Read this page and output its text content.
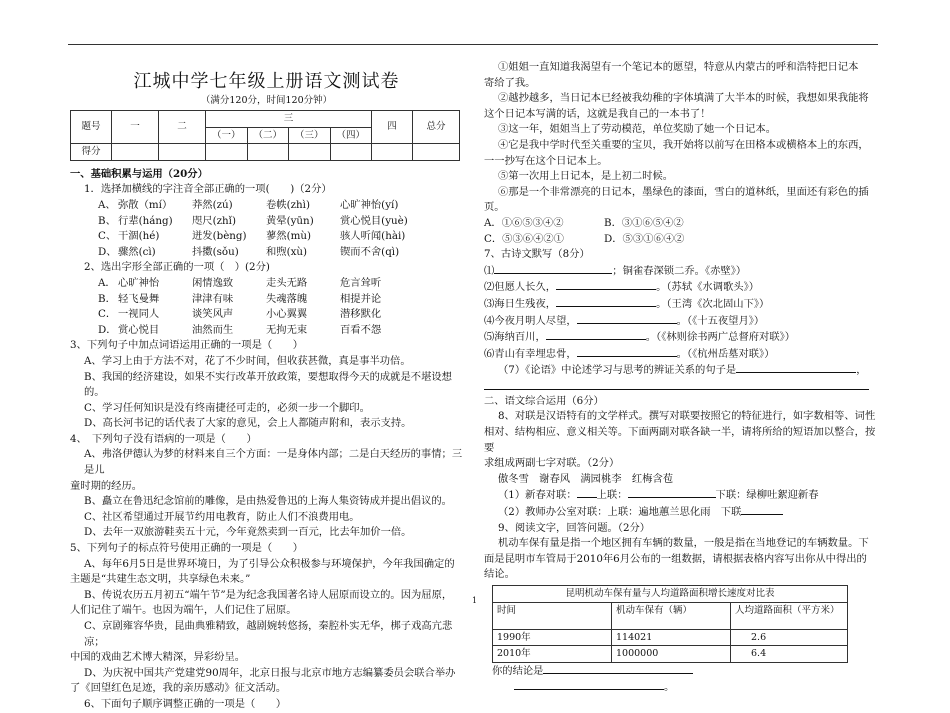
江城中学七年级上册语文测试卷
（满分120分，时间120分钟）
题号	一	二	三				四	总分
			（一）	（二）	（三）	（四）		
得分								
一、基础积累与运用（20分）
1．选择加横线的字注音全部正确的一项(　　)（2分）
A、 弥散（mí）	莽然(zú)	卷帙(zhì)	心旷神怡(yí)
B、 行辈(háng)	咫尺(zhǐ)	黄晕(yūn)	赏心悦目(yuè)
C、 干涸(hé)	迸发(bèng)	蓼然(mù)	骇人听闻(hài)
D、 骤然(cì)	抖擞(sǒu)	和煦(xù)	锲而不舍(qì)
2、选出字形全部正确的一项（　）(2分)
A． 心旷神怡	闲情逸致	走头无路	危言耸听
B． 轻飞曼舞	津津有味	失魂落魄	相提并论
C． 一视同人	谈笑风声	小心翼翼	潜移默化
D． 赏心悦目	油然而生	无拘无束	百看不怨
3、下列句子中加点词语运用正确的一项是（　　）
A、学习上由于方法不对，花了不少时间，但收获甚微，真是事半功倍。
B、我国的经济建设，如果不实行改革开放政策，要想取得今天的成就是不堪设想的。
C、学习任何知识是没有终南捷径可走的，必须一步一个脚印。
D、高长河书记的话代表了大家的意见，会上人都随声附和，表示支持。
4、　下列句子没有语病的一项是（　　）
A、弗洛伊德认为梦的材料来自三个方面：一是身体内部；二是白天经历的事情；三是儿
童时期的经历。
B、矗立在鲁迅纪念馆前的雕像，是由热爱鲁迅的上海人集资铸成并提出倡议的。
C、社区希望通过开展节约用电教育，防止人们不浪费用电。
D、去年一双旅游鞋卖五十元，今年竟然卖到一百元，比去年加价一倍。
5、下列句子的标点符号使用正确的一项是（　　）
A、每年6月5日是世界环境日，为了引导公众积极参与环境保护，今年我国确定的
主题是“共建生态文明，共享绿色未来。”
B、传说农历五月初五“端午节”是为纪念我国著名诗人屈原而设立的。因为屈原，
人们记住了端午。也因为端午，人们记住了屈原。
C、京剧雍容华贵，昆曲典雅精致，越剧婉转悠扬，秦腔朴实无华，梆子戏高亢悲凉；
中国的戏曲艺术博大精深，异彩纷呈。
D、为庆祝中国共产党建党90周年，北京日报与北京市地方志编纂委员会联合举办
了《回望红色足迹，我的亲历感动》征文活动。
6、下面句子顺序调整正确的一项是（　　）
①姐姐一直知道我渴望有一个笔记本的愿望，特意从内蒙古的呼和浩特把日记本
寄给了我。
②越抄越多，当日记本已经被我幼稚的字体填满了大半本的时候，我想如果我能将
这个日记本写满的话，这就是我自己的一本书了！
③这一年，姐姐当上了劳动模范，单位奖励了她一个日记本。
④它是我中学时代至关重要的宝贝，我开始将以前写在田格本或横格本上的东西，
一一抄写在这个日记本上。
⑤第一次用上日记本，是上初二时候。
⑥那是一个非常漂亮的日记本，墨绿色的漆面，雪白的道林纸，里面还有彩色的插
页。
A．①⑥⑤③④②	B．③①⑥⑤④②
C．⑤③⑥④②①	D．⑤③①⑥④②
7、古诗文默写（8分）
⑴	；铜雀春深锁二乔。《赤壁》）
⑵但愿人长久，	。（苏轼《水调歌头》）
⑶海日生残夜，	。（王湾《次北固山下》）
⑷今夜月明人尽望，	。（《十五夜望月》）
⑸海纳百川，	。（《林则徐书两广总督府对联》）
⑹青山有幸埋忠骨，	。（《杭州岳墓对联》）
（7）《论语》中论述学习与思考的辨证关系的句子是	，
二、语文综合运用（6分）
8、对联是汉语特有的文学样式。撰写对联要按照它的特征进行，如字数相等、词性
相对、结构相应、意义相关等。下面两副对联各缺一半，请将所给的短语加以整合，按要
求组成两副七字对联。（2分）
傲冬雪　谢春风　满园桃李　红梅含苞
（1）新春对联： 上联：	下联：绿柳吐絮迎新春
（2）教师办公室对联：上联：遍地蕙兰思化雨　下联
9、阅读文字，回答问题。（2分）
机动车保有量是指一个地区拥有车辆的数量，一般是指在当地登记的车辆数量。下
面是昆明市车管局于2010年6月公布的一组数据，请根据表格内容写出你从中得出的
结论。
昆明机动车保有量与人均道路面积增长速度对比表		
时间	机动车保有（辆）	人均道路面积（平方米）
1990年	114021	2.6
2010年	1000000	6.4
你的结论是
。
1
